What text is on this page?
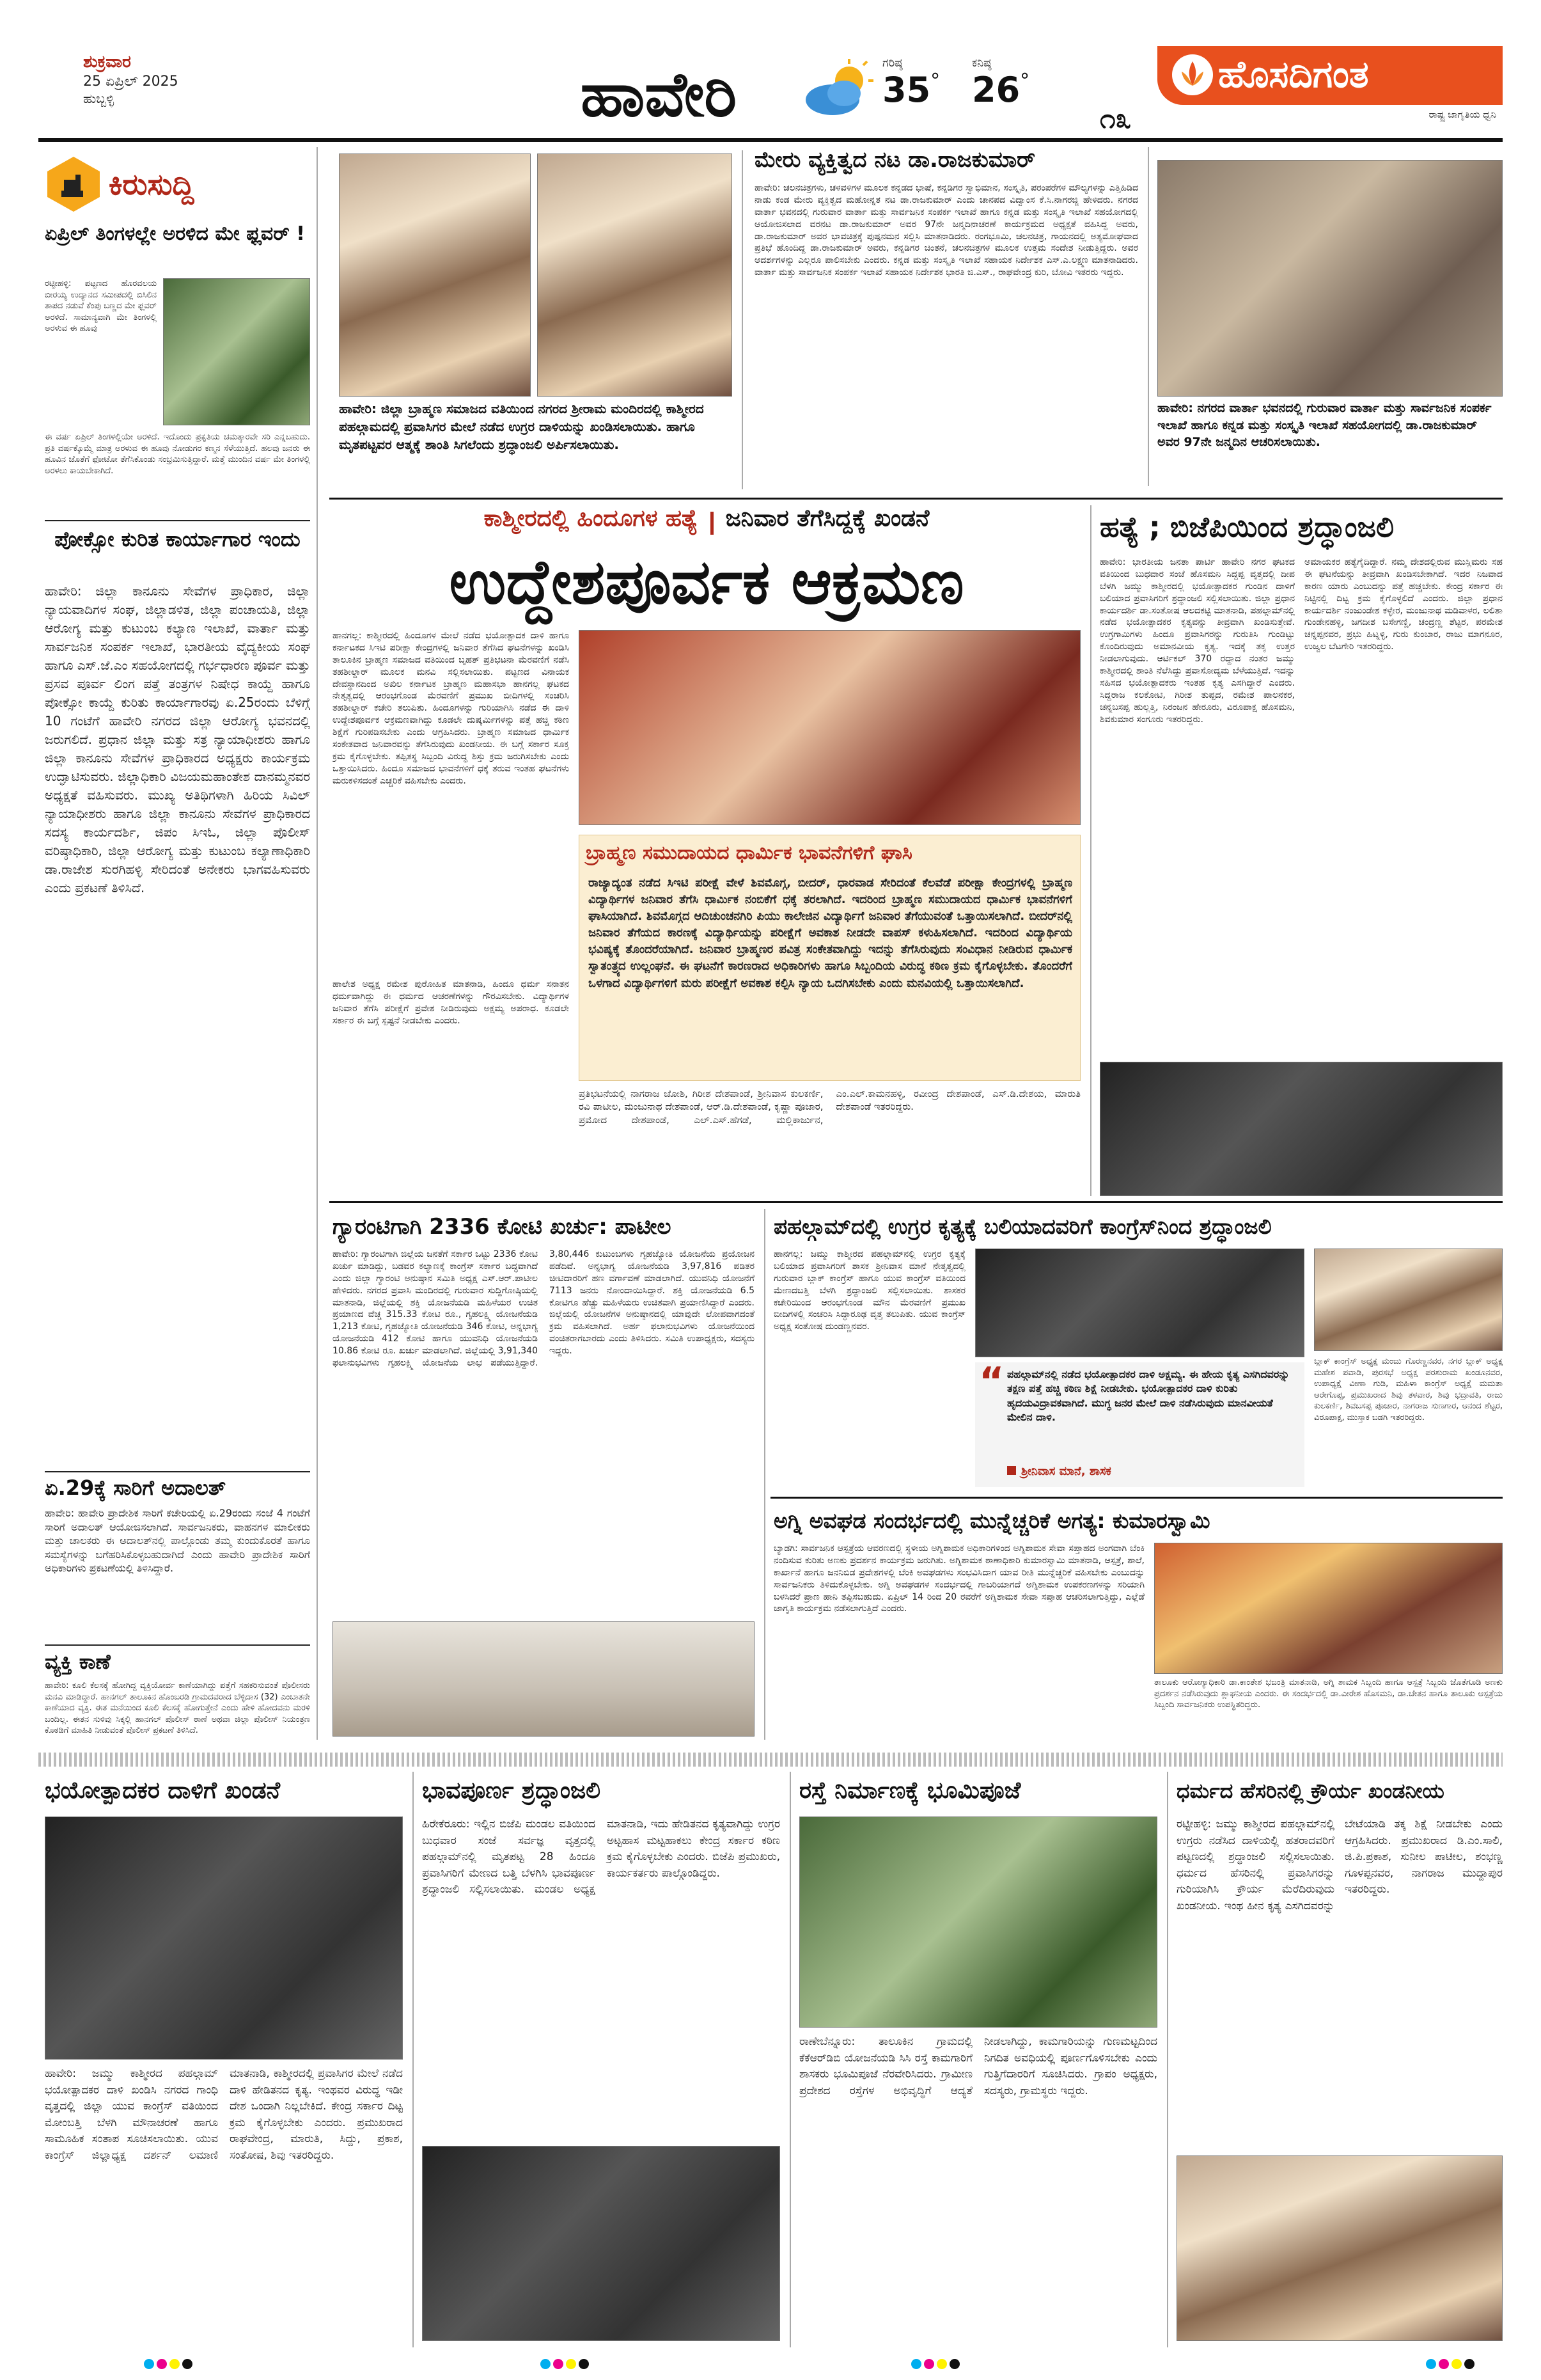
ಶುಕ್ರವಾರ
25 ಏಪ್ರಿಲ್ 2025
ಹುಬ್ಬಳ್ಳಿ	ಹಾವೇರಿ	ಗರಿಷ್ಠ
35°
ಕನಿಷ್ಠ
26°	ಹೊಸದಿಗಂತ
ರಾಷ್ಟ್ರ ಜಾಗೃತಿಯ ಧ್ವನಿ
೧೩
ಕಿರುಸುದ್ದಿ
ಏಪ್ರಿಲ್ ತಿಂಗಳಲ್ಲೇ ಅರಳಿದ ಮೇ ಫ್ಲವರ್ !
ರಟ್ಟೀಹಳ್ಳಿ: ಪಟ್ಟಣದ ಹೊರವಲಯ ಬೀರಯ್ಯ ಉದ್ಯಾನದ ಸಮೀಪದಲ್ಲಿ ಬಿಸಿಲಿನ ತಾಪದ ನಡುವೆ ಕೆಂಪು ಬಣ್ಣದ ಮೇ ಫ್ಲವರ್ ಅರಳಿದೆ. ಸಾಮಾನ್ಯವಾಗಿ ಮೇ ತಿಂಗಳಲ್ಲಿ ಅರಳುವ ಈ ಹೂವು
ಈ ವರ್ಷ ಏಪ್ರಿಲ್ ತಿಂಗಳಲ್ಲಿಯೇ ಅರಳಿದೆ. ಇದೊಂದು ಪ್ರಕೃತಿಯ ಚಮತ್ಕಾರವೇ ಸರಿ ಎನ್ನಬಹುದು. ಪ್ರತಿ ವರ್ಷಕ್ಕೊಮ್ಮೆ ಮಾತ್ರ ಅರಳುವ ಈ ಹೂವು ನೋಡುಗರ ಕಣ್ಮನ ಸೆಳೆಯುತ್ತಿದೆ. ಹಲವು ಜನರು ಈ ಹೂವಿನ ಜೊತೆಗೆ ಫೋಟೋ ತೆಗೆಸಿಕೊಂಡು ಸಂಭ್ರಮಿಸುತ್ತಿದ್ದಾರೆ. ಮತ್ತೆ ಮುಂದಿನ ವರ್ಷ ಮೇ ತಿಂಗಳಲ್ಲಿ ಅರಳಲು ಕಾಯಬೇಕಾಗಿದೆ.
ಪೋಕ್ಸೋ ಕುರಿತ ಕಾರ್ಯಾಗಾರ ಇಂದು
ಹಾವೇರಿ: ಜಿಲ್ಲಾ ಕಾನೂನು ಸೇವೆಗಳ ಪ್ರಾಧಿಕಾರ, ಜಿಲ್ಲಾ ನ್ಯಾಯವಾದಿಗಳ ಸಂಘ, ಜಿಲ್ಲಾಡಳಿತ, ಜಿಲ್ಲಾ ಪಂಚಾಯತಿ, ಜಿಲ್ಲಾ ಆರೋಗ್ಯ ಮತ್ತು ಕುಟುಂಬ ಕಲ್ಯಾಣ ಇಲಾಖೆ, ವಾರ್ತಾ ಮತ್ತು ಸಾರ್ವಜನಿಕ ಸಂಪರ್ಕ ಇಲಾಖೆ, ಭಾರತೀಯ ವೈದ್ಯಕೀಯ ಸಂಘ ಹಾಗೂ ಎಸ್.ಜೆ.ಎಂ ಸಹಯೋಗದಲ್ಲಿ ಗರ್ಭಧಾರಣ ಪೂರ್ವ ಮತ್ತು ಪ್ರಸವ ಪೂರ್ವ ಲಿಂಗ ಪತ್ತೆ ತಂತ್ರಗಳ ನಿಷೇಧ ಕಾಯ್ದೆ ಹಾಗೂ ಪೋಕ್ಸೋ ಕಾಯ್ದೆ ಕುರಿತು ಕಾರ್ಯಾಗಾರವು ಏ.25ರಂದು ಬೆಳಿಗ್ಗೆ 10 ಗಂಟೆಗೆ ಹಾವೇರಿ ನಗರದ ಜಿಲ್ಲಾ ಆರೋಗ್ಯ ಭವನದಲ್ಲಿ ಜರುಗಲಿದೆ. ಪ್ರಧಾನ ಜಿಲ್ಲಾ ಮತ್ತು ಸತ್ರ ನ್ಯಾಯಾಧೀಶರು ಹಾಗೂ ಜಿಲ್ಲಾ ಕಾನೂನು ಸೇವೆಗಳ ಪ್ರಾಧಿಕಾರದ ಅಧ್ಯಕ್ಷರು ಕಾರ್ಯಕ್ರಮ ಉದ್ಘಾಟಿಸುವರು. ಜಿಲ್ಲಾಧಿಕಾರಿ ವಿಜಯಮಹಾಂತೇಶ ದಾನಮ್ಮನವರ ಅಧ್ಯಕ್ಷತೆ ವಹಿಸುವರು. ಮುಖ್ಯ ಅತಿಥಿಗಳಾಗಿ ಹಿರಿಯ ಸಿವಿಲ್ ನ್ಯಾಯಾಧೀಶರು ಹಾಗೂ ಜಿಲ್ಲಾ ಕಾನೂನು ಸೇವೆಗಳ ಪ್ರಾಧಿಕಾರದ ಸದಸ್ಯ ಕಾರ್ಯದರ್ಶಿ, ಜಿಪಂ ಸಿಇಓ, ಜಿಲ್ಲಾ ಪೊಲೀಸ್ ವರಿಷ್ಠಾಧಿಕಾರಿ, ಜಿಲ್ಲಾ ಆರೋಗ್ಯ ಮತ್ತು ಕುಟುಂಬ ಕಲ್ಯಾಣಾಧಿಕಾರಿ ಡಾ.ರಾಜೇಶ ಸುರಗಿಹಳ್ಳಿ ಸೇರಿದಂತೆ ಅನೇಕರು ಭಾಗವಹಿಸುವರು ಎಂದು ಪ್ರಕಟಣೆ ತಿಳಿಸಿದೆ.
ಏ.29ಕ್ಕೆ ಸಾರಿಗೆ ಅದಾಲತ್
ಹಾವೇರಿ: ಹಾವೇರಿ ಪ್ರಾದೇಶಿಕ ಸಾರಿಗೆ ಕಚೇರಿಯಲ್ಲಿ ಏ.29ರಂದು ಸಂಜೆ 4 ಗಂಟೆಗೆ ಸಾರಿಗೆ ಅದಾಲತ್ ಆಯೋಜಿಸಲಾಗಿದೆ. ಸಾರ್ವಜನಿಕರು, ವಾಹನಗಳ ಮಾಲೀಕರು ಮತ್ತು ಚಾಲಕರು ಈ ಅದಾಲತ್‌ನಲ್ಲಿ ಪಾಲ್ಗೊಂಡು ತಮ್ಮ ಕುಂದುಕೊರತೆ ಹಾಗೂ ಸಮಸ್ಯೆಗಳನ್ನು ಬಗೆಹರಿಸಿಕೊಳ್ಳಬಹುದಾಗಿದೆ ಎಂದು ಹಾವೇರಿ ಪ್ರಾದೇಶಿಕ ಸಾರಿಗೆ ಅಧಿಕಾರಿಗಳು ಪ್ರಕಟಣೆಯಲ್ಲಿ ತಿಳಿಸಿದ್ದಾರೆ.
ವ್ಯಕ್ತಿ ಕಾಣೆ
ಹಾವೇರಿ: ಕೂಲಿ ಕೆಲಸಕ್ಕೆ ಹೋಗಿದ್ದ ವ್ಯಕ್ತಿಯೋರ್ವ ಕಾಣೆಯಾಗಿದ್ದು ಪತ್ತೆಗೆ ಸಹಕರಿಸುವಂತೆ ಪೊಲೀಸರು ಮನವಿ ಮಾಡಿದ್ದಾರೆ. ಹಾನಗಲ್ ತಾಲೂಕಿನ ಹೊಂಬರಡಿ ಗ್ರಾಮದವರಾದ ಬೆಳ್ಳಿದಾಸ (32) ಎಂಬಾತನೇ ಕಾಣೆಯಾದ ವ್ಯಕ್ತಿ. ಈತ ಮನೆಯಿಂದ ಕೂಲಿ ಕೆಲಸಕ್ಕೆ ಹೋಗುತ್ತೇನೆ ಎಂದು ಹೇಳಿ ಹೋದವನು ಮರಳಿ ಬಂದಿಲ್ಲ. ಈತನ ಸುಳಿವು ಸಿಕ್ಕಲ್ಲಿ ಹಾನಗಲ್ ಪೊಲೀಸ್ ಠಾಣೆ ಅಥವಾ ಜಿಲ್ಲಾ ಪೊಲೀಸ್ ನಿಯಂತ್ರಣ ಕೊಠಡಿಗೆ ಮಾಹಿತಿ ನೀಡುವಂತೆ ಪೊಲೀಸ್ ಪ್ರಕಟಣೆ ತಿಳಿಸಿದೆ.
ಹಾವೇರಿ: ಜಿಲ್ಲಾ ಬ್ರಾಹ್ಮಣ ಸಮಾಜದ ವತಿಯಿಂದ ನಗರದ ಶ್ರೀರಾಮ ಮಂದಿರದಲ್ಲಿ ಕಾಶ್ಮೀರದ ಪಹಲ್ಗಾಮದಲ್ಲಿ ಪ್ರವಾಸಿಗರ ಮೇಲೆ ನಡೆದ ಉಗ್ರರ ದಾಳಿಯನ್ನು ಖಂಡಿಸಲಾಯಿತು. ಹಾಗೂ ಮೃತಪಟ್ಟವರ ಆತ್ಮಕ್ಕೆ ಶಾಂತಿ ಸಿಗಲೆಂದು ಶ್ರದ್ಧಾಂಜಲಿ ಅರ್ಪಿಸಲಾಯಿತು.
ಮೇರು ವ್ಯಕ್ತಿತ್ವದ ನಟ ಡಾ.ರಾಜಕುಮಾರ್
ಹಾವೇರಿ: ಚಲನಚಿತ್ರಗಳು, ಚಳವಳಿಗಳ ಮೂಲಕ ಕನ್ನಡದ ಭಾಷೆ, ಕನ್ನಡಿಗರ ಸ್ವಾಭಿಮಾನ, ಸಂಸ್ಕೃತಿ, ಪರಂಪರೆಗಳ ಮೌಲ್ಯಗಳನ್ನು ಎತ್ತಿಹಿಡಿದ ನಾಡು ಕಂಡ ಮೇರು ವ್ಯಕ್ತಿತ್ವದ ಮಹೋನ್ನತ ನಟ ಡಾ.ರಾಜಕುಮಾರ್ ಎಂದು ಚಾನಪದ ವಿದ್ವಾಂಸ ಕೆ.ಸಿ.ನಾಗರಜ್ಜಿ ಹೇಳಿದರು. ನಗರದ ವಾರ್ತಾ ಭವನದಲ್ಲಿ ಗುರುವಾರ ವಾರ್ತಾ ಮತ್ತು ಸಾರ್ವಜನಿಕ ಸಂಪರ್ಕ ಇಲಾಖೆ ಹಾಗೂ ಕನ್ನಡ ಮತ್ತು ಸಂಸ್ಕೃತಿ ಇಲಾಖೆ ಸಹಯೋಗದಲ್ಲಿ ಆಯೋಜಿಸಲಾದ ವರನಟ ಡಾ.ರಾಜಕುಮಾರ್ ಅವರ 97ನೇ ಜನ್ಮದಿನಾಚರಣೆ ಕಾರ್ಯಕ್ರಮದ ಅಧ್ಯಕ್ಷತೆ ವಹಿಸಿದ್ದ ಅವರು, ಡಾ.ರಾಜಕುಮಾರ್ ಅವರ ಭಾವಚಿತ್ರಕ್ಕೆ ಪುಷ್ಪನಮನ ಸಲ್ಲಿಸಿ ಮಾತನಾಡಿದರು. ರಂಗಭೂಮಿ, ಚಲನಚಿತ್ರ, ಗಾಯನದಲ್ಲಿ ಅತ್ಯಮೋಘವಾದ ಪ್ರತಿಭೆ ಹೊಂದಿದ್ದ ಡಾ.ರಾಜಕುಮಾರ್ ಅವರು, ಕನ್ನಡಿಗರ ಚಿಂತನೆ, ಚಲನಚಿತ್ರಗಳ ಮೂಲಕ ಉತ್ತಮ ಸಂದೇಶ ನೀಡುತ್ತಿದ್ದರು. ಅವರ ಆದರ್ಶಗಳನ್ನು ಎಲ್ಲರೂ ಪಾಲಿಸಬೇಕು ಎಂದರು. ಕನ್ನಡ ಮತ್ತು ಸಂಸ್ಕೃತಿ ಇಲಾಖೆ ಸಹಾಯಕ ನಿರ್ದೇಶಕ ಎಸ್.ಎ.ಲಕ್ಷ್ಮಣ ಮಾತನಾಡಿದರು. ವಾರ್ತಾ ಮತ್ತು ಸಾರ್ವಜನಿಕ ಸಂಪರ್ಕ ಇಲಾಖೆ ಸಹಾಯಕ ನಿರ್ದೇಶಕ ಭಾರತಿ ಜಿ.ಎಸ್., ರಾಘವೇಂದ್ರ ಕುರಿ, ಬೋವಿ ಇತರರು ಇದ್ದರು.
ಹಾವೇರಿ: ನಗರದ ವಾರ್ತಾ ಭವನದಲ್ಲಿ ಗುರುವಾರ ವಾರ್ತಾ ಮತ್ತು ಸಾರ್ವಜನಿಕ ಸಂಪರ್ಕ ಇಲಾಖೆ ಹಾಗೂ ಕನ್ನಡ ಮತ್ತು ಸಂಸ್ಕೃತಿ ಇಲಾಖೆ ಸಹಯೋಗದಲ್ಲಿ ಡಾ.ರಾಜಕುಮಾರ್ ಅವರ 97ನೇ ಜನ್ಮದಿನ ಆಚರಿಸಲಾಯಿತು.
ಕಾಶ್ಮೀರದಲ್ಲಿ ಹಿಂದೂಗಳ ಹತ್ಯೆ ಜನಿವಾರ ತೆಗೆಸಿದ್ದಕ್ಕೆ ಖಂಡನೆ
ಉದ್ದೇಶಪೂರ್ವಕ ಆಕ್ರಮಣ
ಹಾನಗಲ್ಲ: ಕಾಶ್ಮೀರದಲ್ಲಿ ಹಿಂದೂಗಳ ಮೇಲೆ ನಡೆದ ಭಯೋತ್ಪಾದಕ ದಾಳಿ ಹಾಗೂ ಕರ್ನಾಟಕದ ಸಿಇಟಿ ಪರೀಕ್ಷಾ ಕೇಂದ್ರಗಳಲ್ಲಿ ಜನಿವಾರ ತೆಗೆಸಿದ ಘಟನೆಗಳನ್ನು ಖಂಡಿಸಿ ತಾಲೂಕಿನ ಬ್ರಾಹ್ಮಣ ಸಮಾಜದ ವತಿಯಿಂದ ಬೃಹತ್ ಪ್ರತಿಭಟನಾ ಮೆರವಣಿಗೆ ನಡೆಸಿ ತಹಶೀಲ್ದಾರ್ ಮೂಲಕ ಮನವಿ ಸಲ್ಲಿಸಲಾಯಿತು. ಪಟ್ಟಣದ ವಿನಾಯಕ ದೇವಸ್ಥಾನದಿಂದ ಅಖಿಲ ಕರ್ನಾಟಕ ಬ್ರಾಹ್ಮಣ ಮಹಾಸಭಾ ಹಾನಗಲ್ಲ ಘಟಕದ ನೇತೃತ್ವದಲ್ಲಿ ಆರಂಭಗೊಂಡ ಮೆರವಣಿಗೆ ಪ್ರಮುಖ ಬೀದಿಗಳಲ್ಲಿ ಸಂಚರಿಸಿ ತಹಶೀಲ್ದಾರ್ ಕಚೇರಿ ತಲುಪಿತು. ಹಿಂದೂಗಳನ್ನು ಗುರಿಯಾಗಿಸಿ ನಡೆದ ಈ ದಾಳಿ ಉದ್ದೇಶಪೂರ್ವಕ ಆಕ್ರಮಣವಾಗಿದ್ದು ಕೂಡಲೇ ದುಷ್ಕರ್ಮಿಗಳನ್ನು ಪತ್ತೆ ಹಚ್ಚಿ ಕಠಿಣ ಶಿಕ್ಷೆಗೆ ಗುರಿಪಡಿಸಬೇಕು ಎಂದು ಆಗ್ರಹಿಸಿದರು. ಬ್ರಾಹ್ಮಣ ಸಮಾಜದ ಧಾರ್ಮಿಕ ಸಂಕೇತವಾದ ಜನಿವಾರವನ್ನು ತೆಗೆಸಿರುವುದು ಖಂಡನೀಯ. ಈ ಬಗ್ಗೆ ಸರ್ಕಾರ ಸೂಕ್ತ ಕ್ರಮ ಕೈಗೊಳ್ಳಬೇಕು. ತಪ್ಪಿತಸ್ಥ ಸಿಬ್ಬಂದಿ ವಿರುದ್ಧ ಶಿಸ್ತು ಕ್ರಮ ಜರುಗಿಸಬೇಕು ಎಂದು ಒತ್ತಾಯಿಸಿದರು. ಹಿಂದೂ ಸಮಾಜದ ಭಾವನೆಗಳಿಗೆ ಧಕ್ಕೆ ತರುವ ಇಂತಹ ಘಟನೆಗಳು ಮರುಕಳಿಸದಂತೆ ಎಚ್ಚರಿಕೆ ವಹಿಸಬೇಕು ಎಂದರು.
ಬ್ರಾಹ್ಮಣ ಸಮುದಾಯದ ಧಾರ್ಮಿಕ ಭಾವನೆಗಳಿಗೆ ಘಾಸಿ
ರಾಜ್ಯಾದ್ಯಂತ ನಡೆದ ಸಿಇಟಿ ಪರೀಕ್ಷೆ ವೇಳೆ ಶಿವಮೊಗ್ಗ, ಬೀದರ್, ಧಾರವಾಡ ಸೇರಿದಂತೆ ಕೆಲವೆಡೆ ಪರೀಕ್ಷಾ ಕೇಂದ್ರಗಳಲ್ಲಿ ಬ್ರಾಹ್ಮಣ ವಿದ್ಯಾರ್ಥಿಗಳ ಜನಿವಾರ ತೆಗೆಸಿ ಧಾರ್ಮಿಕ ನಂಬಿಕೆಗೆ ಧಕ್ಕೆ ತರಲಾಗಿದೆ. ಇದರಿಂದ ಬ್ರಾಹ್ಮಣ ಸಮುದಾಯದ ಧಾರ್ಮಿಕ ಭಾವನೆಗಳಿಗೆ ಘಾಸಿಯಾಗಿದೆ. ಶಿವಮೊಗ್ಗದ ಆದಿಚುಂಚನಗಿರಿ ಪಿಯು ಕಾಲೇಜಿನ ವಿದ್ಯಾರ್ಥಿಗೆ ಜನಿವಾರ ತೆಗೆಯುವಂತೆ ಒತ್ತಾಯಿಸಲಾಗಿದೆ. ಬೀದರ್‌ನಲ್ಲಿ ಜನಿವಾರ ತೆಗೆಯದ ಕಾರಣಕ್ಕೆ ವಿದ್ಯಾರ್ಥಿಯನ್ನು ಪರೀಕ್ಷೆಗೆ ಅವಕಾಶ ನೀಡದೇ ವಾಪಸ್ ಕಳುಹಿಸಲಾಗಿದೆ. ಇದರಿಂದ ವಿದ್ಯಾರ್ಥಿಯ ಭವಿಷ್ಯಕ್ಕೆ ತೊಂದರೆಯಾಗಿದೆ. ಜನಿವಾರ ಬ್ರಾಹ್ಮಣರ ಪವಿತ್ರ ಸಂಕೇತವಾಗಿದ್ದು ಇದನ್ನು ತೆಗೆಸಿರುವುದು ಸಂವಿಧಾನ ನೀಡಿರುವ ಧಾರ್ಮಿಕ ಸ್ವಾತಂತ್ರ್ಯದ ಉಲ್ಲಂಘನೆ. ಈ ಘಟನೆಗೆ ಕಾರಣರಾದ ಅಧಿಕಾರಿಗಳು ಹಾಗೂ ಸಿಬ್ಬಂದಿಯ ವಿರುದ್ಧ ಕಠಿಣ ಕ್ರಮ ಕೈಗೊಳ್ಳಬೇಕು. ತೊಂದರೆಗೆ ಒಳಗಾದ ವಿದ್ಯಾರ್ಥಿಗಳಿಗೆ ಮರು ಪರೀಕ್ಷೆಗೆ ಅವಕಾಶ ಕಲ್ಪಿಸಿ ನ್ಯಾಯ ಒದಗಿಸಬೇಕು ಎಂದು ಮನವಿಯಲ್ಲಿ ಒತ್ತಾಯಿಸಲಾಗಿದೆ.
ಹಾಲೇಶ ಅಧ್ಯಕ್ಷ ರಮೇಶ ಪುರೋಹಿತ ಮಾತನಾಡಿ, ಹಿಂದೂ ಧರ್ಮ ಸನಾತನ ಧರ್ಮವಾಗಿದ್ದು ಈ ಧರ್ಮದ ಆಚರಣೆಗಳನ್ನು ಗೌರವಿಸಬೇಕು. ವಿದ್ಯಾರ್ಥಿಗಳ ಜನಿವಾರ ತೆಗೆಸಿ ಪರೀಕ್ಷೆಗೆ ಪ್ರವೇಶ ನೀಡಿರುವುದು ಅಕ್ಷಮ್ಯ ಅಪರಾಧ. ಕೂಡಲೇ ಸರ್ಕಾರ ಈ ಬಗ್ಗೆ ಸ್ಪಷ್ಟನೆ ನೀಡಬೇಕು ಎಂದರು.
ಪ್ರತಿಭಟನೆಯಲ್ಲಿ ನಾಗರಾಜ ಜೋಶಿ, ಗಿರೀಶ ದೇಶಪಾಂಡೆ, ಶ್ರೀನಿವಾಸ ಕುಲಕರ್ಣಿ, ರವಿ ಪಾಟೀಲ, ಮಂಜುನಾಥ ದೇಶಪಾಂಡೆ, ಆರ್.ಡಿ.ದೇಶಪಾಂಡೆ, ಕೃಷ್ಣಾ ಪೂಜಾರ, ಪ್ರಮೋದ ದೇಶಪಾಂಡೆ, ಎಲ್.ಎಸ್.ಹೆಗಡೆ, ಮಲ್ಲಿಕಾರ್ಜುನ, ಎಂ.ಎಲ್.ಕಾಮನಹಳ್ಳಿ, ರವೀಂದ್ರ ದೇಶಪಾಂಡೆ, ಎಸ್.ಡಿ.ದೇಶಯ, ಮಾರುತಿ ದೇಶಪಾಂಡೆ ಇತರರಿದ್ದರು.
ಹತ್ಯೆ ; ಬಿಜೆಪಿಯಿಂದ ಶ್ರದ್ಧಾಂಜಲಿ
ಹಾವೇರಿ: ಭಾರತೀಯ ಜನತಾ ಪಾರ್ಟಿ ಹಾವೇರಿ ನಗರ ಘಟಕದ ವತಿಯಿಂದ ಬುಧವಾರ ಸಂಜೆ ಹೊಸಮನಿ ಸಿದ್ದಪ್ಪ ವೃತ್ತದಲ್ಲಿ ದೀಪ ಬೆಳಗಿ ಜಮ್ಮು ಕಾಶ್ಮೀರದಲ್ಲಿ ಭಯೋತ್ಪಾದಕರ ಗುಂಡಿನ ದಾಳಿಗೆ ಬಲಿಯಾದ ಪ್ರವಾಸಿಗರಿಗೆ ಶ್ರದ್ಧಾಂಜಲಿ ಸಲ್ಲಿಸಲಾಯಿತು. ಜಿಲ್ಲಾ ಪ್ರಧಾನ ಕಾರ್ಯದರ್ಶಿ ಡಾ.ಸಂತೋಷ ಆಲದಕಟ್ಟಿ ಮಾತನಾಡಿ, ಪಹಲ್ಗಾಮ್‌ನಲ್ಲಿ ನಡೆದ ಭಯೋತ್ಪಾದಕರ ಕೃತ್ಯವನ್ನು ತೀವ್ರವಾಗಿ ಖಂಡಿಸುತ್ತೇವೆ. ಉಗ್ರಗಾಮಿಗಳು ಹಿಂದೂ ಪ್ರವಾಸಿಗರನ್ನು ಗುರುತಿಸಿ ಗುಂಡಿಟ್ಟು ಕೊಂದಿರುವುದು ಅಮಾನವೀಯ ಕೃತ್ಯ. ಇದಕ್ಕೆ ತಕ್ಕ ಉತ್ತರ ನೀಡಲಾಗುವುದು. ಆರ್ಟಿಕಲ್ 370 ರದ್ದಾದ ನಂತರ ಜಮ್ಮು ಕಾಶ್ಮೀರದಲ್ಲಿ ಶಾಂತಿ ನೆಲೆಸಿದ್ದು ಪ್ರವಾಸೋದ್ಯಮ ಬೆಳೆಯುತ್ತಿದೆ. ಇದನ್ನು ಸಹಿಸದ ಭಯೋತ್ಪಾದಕರು ಇಂತಹ ಕೃತ್ಯ ಎಸಗಿದ್ದಾರೆ ಎಂದರು. ಸಿದ್ದರಾಜ ಕಲಕೋಟಿ, ಗಿರೀಶ ತುಪ್ಪದ, ರಮೇಶ ಪಾಲನಕರ, ಚನ್ನಬಸಪ್ಪ ಹುಲ್ಲತ್ತಿ, ನಿರಂಜನ ಹೇರೂರು, ವಿರೂಪಾಕ್ಷ ಹೊಸಮನಿ, ಶಿವಕುಮಾರ ಸಂಗೂರು ಇತರರಿದ್ದರು.
ಅಮಾಯಕರ ಹತ್ಯೆಗೈದಿದ್ದಾರೆ. ನಮ್ಮ ದೇಶದಲ್ಲಿರುವ ಮುಸ್ಲಿಮರು ಸಹ ಈ ಘಟನೆಯನ್ನು ತೀವ್ರವಾಗಿ ಖಂಡಿಸಬೇಕಾಗಿದೆ. ಇದರ ನಿಜವಾದ ಕಾರಣ ಯಾರು ಎಂಬುದನ್ನು ಪತ್ತೆ ಹಚ್ಚಬೇಕು. ಕೇಂದ್ರ ಸರ್ಕಾರ ಈ ನಿಟ್ಟಿನಲ್ಲಿ ದಿಟ್ಟ ಕ್ರಮ ಕೈಗೊಳ್ಳಲಿದೆ ಎಂದರು. ಜಿಲ್ಲಾ ಪ್ರಧಾನ ಕಾರ್ಯದರ್ಶಿ ನಂಜುಂಡೇಶ ಕಳ್ಳೇರ, ಮಂಜುನಾಥ ಮಡಿವಾಳರ, ಲಲಿತಾ ಗುಂಡೇನಹಳ್ಳಿ, ಜಗದೀಶ ಬಸೇಗಣ್ಣಿ, ಚಂದ್ರಣ್ಣ ಶೆಟ್ಟರ, ಪರಮೇಶ ಚನ್ನಪ್ಪನವರ, ಪ್ರಭು ಹಿಟ್ನಳ್ಳಿ, ಗುರು ಕುಂಬಾರ, ರಾಜು ಮಾಗನೂರ, ಉಜ್ವಲ ಬೆಟಗೇರಿ ಇತರರಿದ್ದರು.
ಗ್ಯಾರಂಟಿಗಾಗಿ 2336 ಕೋಟಿ ಖರ್ಚು: ಪಾಟೀಲ
ಹಾವೇರಿ: ಗ್ಯಾರಂಟಿಗಾಗಿ ಜಿಲ್ಲೆಯ ಜನತೆಗೆ ಸರ್ಕಾರ ಒಟ್ಟು 2336 ಕೋಟಿ ಖರ್ಚು ಮಾಡಿದ್ದು, ಬಡವರ ಕಲ್ಯಾಣಕ್ಕೆ ಕಾಂಗ್ರೆಸ್ ಸರ್ಕಾರ ಬದ್ಧವಾಗಿದೆ ಎಂದು ಜಿಲ್ಲಾ ಗ್ಯಾರಂಟಿ ಅನುಷ್ಠಾನ ಸಮಿತಿ ಅಧ್ಯಕ್ಷ ಎಸ್.ಆರ್.ಪಾಟೀಲ ಹೇಳಿದರು. ನಗರದ ಪ್ರವಾಸಿ ಮಂದಿರದಲ್ಲಿ ಗುರುವಾರ ಸುದ್ದಿಗೋಷ್ಠಿಯಲ್ಲಿ ಮಾತನಾಡಿ, ಜಿಲ್ಲೆಯಲ್ಲಿ ಶಕ್ತಿ ಯೋಜನೆಯಡಿ ಮಹಿಳೆಯರ ಉಚಿತ ಪ್ರಯಾಣದ ವೆಚ್ಚ 315.33 ಕೋಟಿ ರೂ., ಗೃಹಲಕ್ಷ್ಮಿ ಯೋಜನೆಯಡಿ 1,213 ಕೋಟಿ, ಗೃಹಜ್ಯೋತಿ ಯೋಜನೆಯಡಿ 346 ಕೋಟಿ, ಅನ್ನಭಾಗ್ಯ ಯೋಜನೆಯಡಿ 412 ಕೋಟಿ ಹಾಗೂ ಯುವನಿಧಿ ಯೋಜನೆಯಡಿ 10.86 ಕೋಟಿ ರೂ. ಖರ್ಚು ಮಾಡಲಾಗಿದೆ. ಜಿಲ್ಲೆಯಲ್ಲಿ 3,91,340 ಫಲಾನುಭವಿಗಳು ಗೃಹಲಕ್ಷ್ಮಿ ಯೋಜನೆಯ ಲಾಭ ಪಡೆಯುತ್ತಿದ್ದಾರೆ. 3,80,446 ಕುಟುಂಬಗಳು ಗೃಹಜ್ಯೋತಿ ಯೋಜನೆಯ ಪ್ರಯೋಜನ ಪಡೆದಿವೆ. ಅನ್ನಭಾಗ್ಯ ಯೋಜನೆಯಡಿ 3,97,816 ಪಡಿತರ ಚೀಟಿದಾರರಿಗೆ ಹಣ ವರ್ಗಾವಣೆ ಮಾಡಲಾಗಿದೆ. ಯುವನಿಧಿ ಯೋಜನೆಗೆ 7113 ಜನರು ನೋಂದಾಯಿಸಿದ್ದಾರೆ. ಶಕ್ತಿ ಯೋಜನೆಯಡಿ 6.5 ಕೋಟಿಗೂ ಹೆಚ್ಚು ಮಹಿಳೆಯರು ಉಚಿತವಾಗಿ ಪ್ರಯಾಣಿಸಿದ್ದಾರೆ ಎಂದರು. ಜಿಲ್ಲೆಯಲ್ಲಿ ಯೋಜನೆಗಳ ಅನುಷ್ಠಾನದಲ್ಲಿ ಯಾವುದೇ ಲೋಪವಾಗದಂತೆ ಕ್ರಮ ವಹಿಸಲಾಗಿದೆ. ಅರ್ಹ ಫಲಾನುಭವಿಗಳು ಯೋಜನೆಯಿಂದ ವಂಚಿತರಾಗಬಾರದು ಎಂದು ತಿಳಿಸಿದರು. ಸಮಿತಿ ಉಪಾಧ್ಯಕ್ಷರು, ಸದಸ್ಯರು ಇದ್ದರು.
ಪಹಲ್ಗಾಮ್‌ದಲ್ಲಿ ಉಗ್ರರ ಕೃತ್ಯಕ್ಕೆ ಬಲಿಯಾದವರಿಗೆ ಕಾಂಗ್ರೆಸ್‌ನಿಂದ ಶ್ರದ್ಧಾಂಜಲಿ
ಹಾನಗಲ್ಲ: ಜಮ್ಮು ಕಾಶ್ಮೀರದ ಪಹಲ್ಗಾಮ್‌ನಲ್ಲಿ ಉಗ್ರರ ಕೃತ್ಯಕ್ಕೆ ಬಲಿಯಾದ ಪ್ರವಾಸಿಗರಿಗೆ ಶಾಸಕ ಶ್ರೀನಿವಾಸ ಮಾನೆ ನೇತೃತ್ವದಲ್ಲಿ ಗುರುವಾರ ಬ್ಲಾಕ್ ಕಾಂಗ್ರೆಸ್ ಹಾಗೂ ಯುವ ಕಾಂಗ್ರೆಸ್ ವತಿಯಿಂದ ಮೇಣದಬತ್ತಿ ಬೆಳಗಿ ಶ್ರದ್ಧಾಂಜಲಿ ಸಲ್ಲಿಸಲಾಯಿತು. ಶಾಸಕರ ಕಚೇರಿಯಿಂದ ಆರಂಭಗೊಂಡ ಮೌನ ಮೆರವಣಿಗೆ ಪ್ರಮುಖ ಬೀದಿಗಳಲ್ಲಿ ಸಂಚರಿಸಿ ಸಿದ್ಧಾರೂಢ ವೃತ್ತ ತಲುಪಿತು. ಯುವ ಕಾಂಗ್ರೆಸ್ ಅಧ್ಯಕ್ಷ ಸಂತೋಷ ದುಂಡಣ್ಣನವರ.
“ ಪಹಲ್ಗಾಮ್‌ನಲ್ಲಿ ನಡೆದ ಭಯೋತ್ಪಾದಕರ ದಾಳಿ ಅಕ್ಷಮ್ಯ. ಈ ಹೇಯ ಕೃತ್ಯ ಎಸಗಿದವರನ್ನು ತಕ್ಷಣ ಪತ್ತೆ ಹಚ್ಚಿ ಕಠಿಣ ಶಿಕ್ಷೆ ನೀಡಬೇಕು. ಭಯೋತ್ಪಾದಕರ ದಾಳಿ ಕುರಿತು ಹೃದಯವಿದ್ರಾವಕವಾಗಿದೆ. ಮುಗ್ಧ ಜನರ ಮೇಲೆ ದಾಳಿ ನಡೆಸಿರುವುದು ಮಾನವೀಯತೆ ಮೇಲಿನ ದಾಳಿ.
ಶ್ರೀನಿವಾಸ ಮಾನೆ, ಶಾಸಕ
ಬ್ಲಾಕ್ ಕಾಂಗ್ರೆಸ್ ಅಧ್ಯಕ್ಷ ಮಂಜು ಗೊರಣ್ಣನವರ, ನಗರ ಬ್ಲಾಕ್ ಅಧ್ಯಕ್ಷ ಮಹೇಶ ಪವಾಡಿ, ಪುರಸಭೆ ಅಧ್ಯಕ್ಷ ಪರಶುರಾಮ ಖಂಡೂನವರ, ಉಪಾಧ್ಯಕ್ಷೆ ವೀಣಾ ಗುಡಿ, ಮಹಿಳಾ ಕಾಂಗ್ರೆಸ್ ಅಧ್ಯಕ್ಷೆ ಮಮತಾ ಆರೇಗೊಪ್ಪ, ಪ್ರಮುಖರಾದ ಶಿವು ತಳವಾರ, ಶಿವು ಭದ್ರಾವತಿ, ರಾಜು ಕುಲಕರ್ಣಿ, ಶಿವಬಸಪ್ಪ ಪೂಜಾರ, ನಾಗರಾಜ ಸುಣಗಾರ, ಆನಂದ ಶೆಟ್ಟರ, ವಿರೂಪಾಕ್ಷ, ಮುಸ್ತಾಕ ಬಡಗಿ ಇತರರಿದ್ದರು.
ಅಗ್ನಿ ಅವಘಡ ಸಂದರ್ಭದಲ್ಲಿ ಮುನ್ನೆಚ್ಚರಿಕೆ ಅಗತ್ಯ: ಕುಮಾರಸ್ವಾಮಿ
ಬ್ಯಾಡಗಿ: ಸಾರ್ವಜನಿಕ ಆಸ್ಪತ್ರೆಯ ಆವರಣದಲ್ಲಿ ಸ್ಥಳೀಯ ಅಗ್ನಿಶಾಮಕ ಅಧಿಕಾರಿಗಳಿಂದ ಅಗ್ನಿಶಾಮಕ ಸೇವಾ ಸಪ್ತಾಹದ ಅಂಗವಾಗಿ ಬೆಂಕಿ ನಂದಿಸುವ ಕುರಿತು ಅಣಕು ಪ್ರದರ್ಶನ ಕಾರ್ಯಕ್ರಮ ಜರುಗಿತು. ಅಗ್ನಿಶಾಮಕ ಠಾಣಾಧಿಕಾರಿ ಕುಮಾರಸ್ವಾಮಿ ಮಾತನಾಡಿ, ಆಸ್ಪತ್ರೆ, ಶಾಲೆ, ಕಾರ್ಖಾನೆ ಹಾಗೂ ಜನನಿಬಿಡ ಪ್ರದೇಶಗಳಲ್ಲಿ ಬೆಂಕಿ ಅವಘಡಗಳು ಸಂಭವಿಸಿದಾಗ ಯಾವ ರೀತಿ ಮುನ್ನೆಚ್ಚರಿಕೆ ವಹಿಸಬೇಕು ಎಂಬುದನ್ನು ಸಾರ್ವಜನಿಕರು ತಿಳಿದುಕೊಳ್ಳಬೇಕು. ಅಗ್ನಿ ಅವಘಡಗಳ ಸಂದರ್ಭದಲ್ಲಿ ಗಾಬರಿಯಾಗದೆ ಅಗ್ನಿಶಾಮಕ ಉಪಕರಣಗಳನ್ನು ಸರಿಯಾಗಿ ಬಳಸಿದರೆ ಪ್ರಾಣ ಹಾನಿ ತಪ್ಪಿಸಬಹುದು. ಏಪ್ರಿಲ್ 14 ರಿಂದ 20 ರವರೆಗೆ ಅಗ್ನಿಶಾಮಕ ಸೇವಾ ಸಪ್ತಾಹ ಆಚರಿಸಲಾಗುತ್ತಿದ್ದು, ಎಲ್ಲೆಡೆ ಜಾಗೃತಿ ಕಾರ್ಯಕ್ರಮ ನಡೆಸಲಾಗುತ್ತಿದೆ ಎಂದರು.
ತಾಲೂಕು ಆರೋಗ್ಯಾಧಿಕಾರಿ ಡಾ.ಕಾಂತೇಶ ಭಜಂತ್ರಿ ಮಾತನಾಡಿ, ಅಗ್ನಿ ಶಾಮಕ ಸಿಬ್ಬಂದಿ ಹಾಗೂ ಆಸ್ಪತ್ರೆ ಸಿಬ್ಬಂದಿ ಜೊತೆಗೂಡಿ ಅಣಕು ಪ್ರದರ್ಶನ ನಡೆಸಿರುವುದು ಶ್ಲಾಘನೀಯ ಎಂದರು. ಈ ಸಂದರ್ಭದಲ್ಲಿ ಡಾ.ವೀರೇಶ ಹೊಸಮನಿ, ಡಾ.ಚೇತನ ಹಾಗೂ ತಾಲೂಕು ಆಸ್ಪತ್ರೆಯ ಸಿಬ್ಬಂದಿ ಸಾರ್ವಜನಿಕರು ಉಪಸ್ಥಿತರಿದ್ದರು.
ಭಯೋತ್ಪಾದಕರ ದಾಳಿಗೆ ಖಂಡನೆ
ಹಾವೇರಿ: ಜಮ್ಮು ಕಾಶ್ಮೀರದ ಪಹಲ್ಗಾಮ್ ಭಯೋತ್ಪಾದಕರ ದಾಳಿ ಖಂಡಿಸಿ ನಗರದ ಗಾಂಧಿ ವೃತ್ತದಲ್ಲಿ ಜಿಲ್ಲಾ ಯುವ ಕಾಂಗ್ರೆಸ್ ವತಿಯಿಂದ ಮೋಂಬತ್ತಿ ಬೆಳಗಿ ಮೌನಾಚರಣೆ ಹಾಗೂ ಸಾಮೂಹಿಕ ಸಂತಾಪ ಸೂಚಿಸಲಾಯಿತು. ಯುವ ಕಾಂಗ್ರೆಸ್ ಜಿಲ್ಲಾಧ್ಯಕ್ಷ ದರ್ಶನ್ ಲಮಾಣಿ ಮಾತನಾಡಿ, ಕಾಶ್ಮೀರದಲ್ಲಿ ಪ್ರವಾಸಿಗರ ಮೇಲೆ ನಡೆದ ದಾಳಿ ಹೇಡಿತನದ ಕೃತ್ಯ. ಇಂಥವರ ವಿರುದ್ಧ ಇಡೀ ದೇಶ ಒಂದಾಗಿ ನಿಲ್ಲಬೇಕಿದೆ. ಕೇಂದ್ರ ಸರ್ಕಾರ ದಿಟ್ಟ ಕ್ರಮ ಕೈಗೊಳ್ಳಬೇಕು ಎಂದರು. ಪ್ರಮುಖರಾದ ರಾಘವೇಂದ್ರ, ಮಾರುತಿ, ಸಿದ್ದು, ಪ್ರಕಾಶ, ಸಂತೋಷ, ಶಿವು ಇತರರಿದ್ದರು.
ಭಾವಪೂರ್ಣ ಶ್ರದ್ಧಾಂಜಲಿ
ಹಿರೇಕೆರೂರು: ಇಲ್ಲಿನ ಬಿಜೆಪಿ ಮಂಡಲ ವತಿಯಿಂದ ಬುಧವಾರ ಸಂಜೆ ಸರ್ವಜ್ಞ ವೃತ್ತದಲ್ಲಿ ಪಹಲ್ಗಾಮ್‌ನಲ್ಲಿ ಮೃತಪಟ್ಟ 28 ಹಿಂದೂ ಪ್ರವಾಸಿಗರಿಗೆ ಮೇಣದ ಬತ್ತಿ ಬೆಳಗಿಸಿ ಭಾವಪೂರ್ಣ ಶ್ರದ್ಧಾಂಜಲಿ ಸಲ್ಲಿಸಲಾಯಿತು. ಮಂಡಲ ಅಧ್ಯಕ್ಷ ಮಾತನಾಡಿ, ಇದು ಹೇಡಿತನದ ಕೃತ್ಯವಾಗಿದ್ದು ಉಗ್ರರ ಅಟ್ಟಹಾಸ ಮಟ್ಟಹಾಕಲು ಕೇಂದ್ರ ಸರ್ಕಾರ ಕಠಿಣ ಕ್ರಮ ಕೈಗೊಳ್ಳಬೇಕು ಎಂದರು. ಬಿಜೆಪಿ ಪ್ರಮುಖರು, ಕಾರ್ಯಕರ್ತರು ಪಾಲ್ಗೊಂಡಿದ್ದರು.
ರಸ್ತೆ ನಿರ್ಮಾಣಕ್ಕೆ ಭೂಮಿಪೂಜೆ
ರಾಣೇಬೆನ್ನೂರು: ತಾಲೂಕಿನ ಗ್ರಾಮದಲ್ಲಿ ಕೆಕೆಆರ್‌ಡಿಬಿ ಯೋಜನೆಯಡಿ ಸಿಸಿ ರಸ್ತೆ ಕಾಮಗಾರಿಗೆ ಶಾಸಕರು ಭೂಮಿಪೂಜೆ ನೆರವೇರಿಸಿದರು. ಗ್ರಾಮೀಣ ಪ್ರದೇಶದ ರಸ್ತೆಗಳ ಅಭಿವೃದ್ಧಿಗೆ ಆದ್ಯತೆ ನೀಡಲಾಗಿದ್ದು, ಕಾಮಗಾರಿಯನ್ನು ಗುಣಮಟ್ಟದಿಂದ ನಿಗದಿತ ಅವಧಿಯಲ್ಲಿ ಪೂರ್ಣಗೊಳಿಸಬೇಕು ಎಂದು ಗುತ್ತಿಗೆದಾರರಿಗೆ ಸೂಚಿಸಿದರು. ಗ್ರಾಪಂ ಅಧ್ಯಕ್ಷರು, ಸದಸ್ಯರು, ಗ್ರಾಮಸ್ಥರು ಇದ್ದರು.
ಧರ್ಮದ ಹೆಸರಿನಲ್ಲಿ ಕ್ರೌರ್ಯ ಖಂಡನೀಯ
ರಟ್ಟೀಹಳ್ಳಿ: ಜಮ್ಮು ಕಾಶ್ಮೀರದ ಪಹಲ್ಗಾಮ್‌ನಲ್ಲಿ ಉಗ್ರರು ನಡೆಸಿದ ದಾಳಿಯಲ್ಲಿ ಹತರಾದವರಿಗೆ ಪಟ್ಟಣದಲ್ಲಿ ಶ್ರದ್ಧಾಂಜಲಿ ಸಲ್ಲಿಸಲಾಯಿತು. ಧರ್ಮದ ಹೆಸರಿನಲ್ಲಿ ಪ್ರವಾಸಿಗರನ್ನು ಗುರಿಯಾಗಿಸಿ ಕ್ರೌರ್ಯ ಮೆರೆದಿರುವುದು ಖಂಡನೀಯ. ಇಂಥ ಹೀನ ಕೃತ್ಯ ಎಸಗಿದವರನ್ನು ಬೇಟೆಯಾಡಿ ತಕ್ಕ ಶಿಕ್ಷೆ ನೀಡಬೇಕು ಎಂದು ಆಗ್ರಹಿಸಿದರು. ಪ್ರಮುಖರಾದ ಡಿ.ಎಂ.ಸಾಲಿ, ಜಿ.ಪಿ.ಪ್ರಕಾಶ, ಸುನೀಲ ಪಾಟೀಲ, ಶಂಭಣ್ಣ ಗೂಳಪ್ಪನವರ, ನಾಗರಾಜ ಮುದ್ದಾಪುರ ಇತರರಿದ್ದರು.
